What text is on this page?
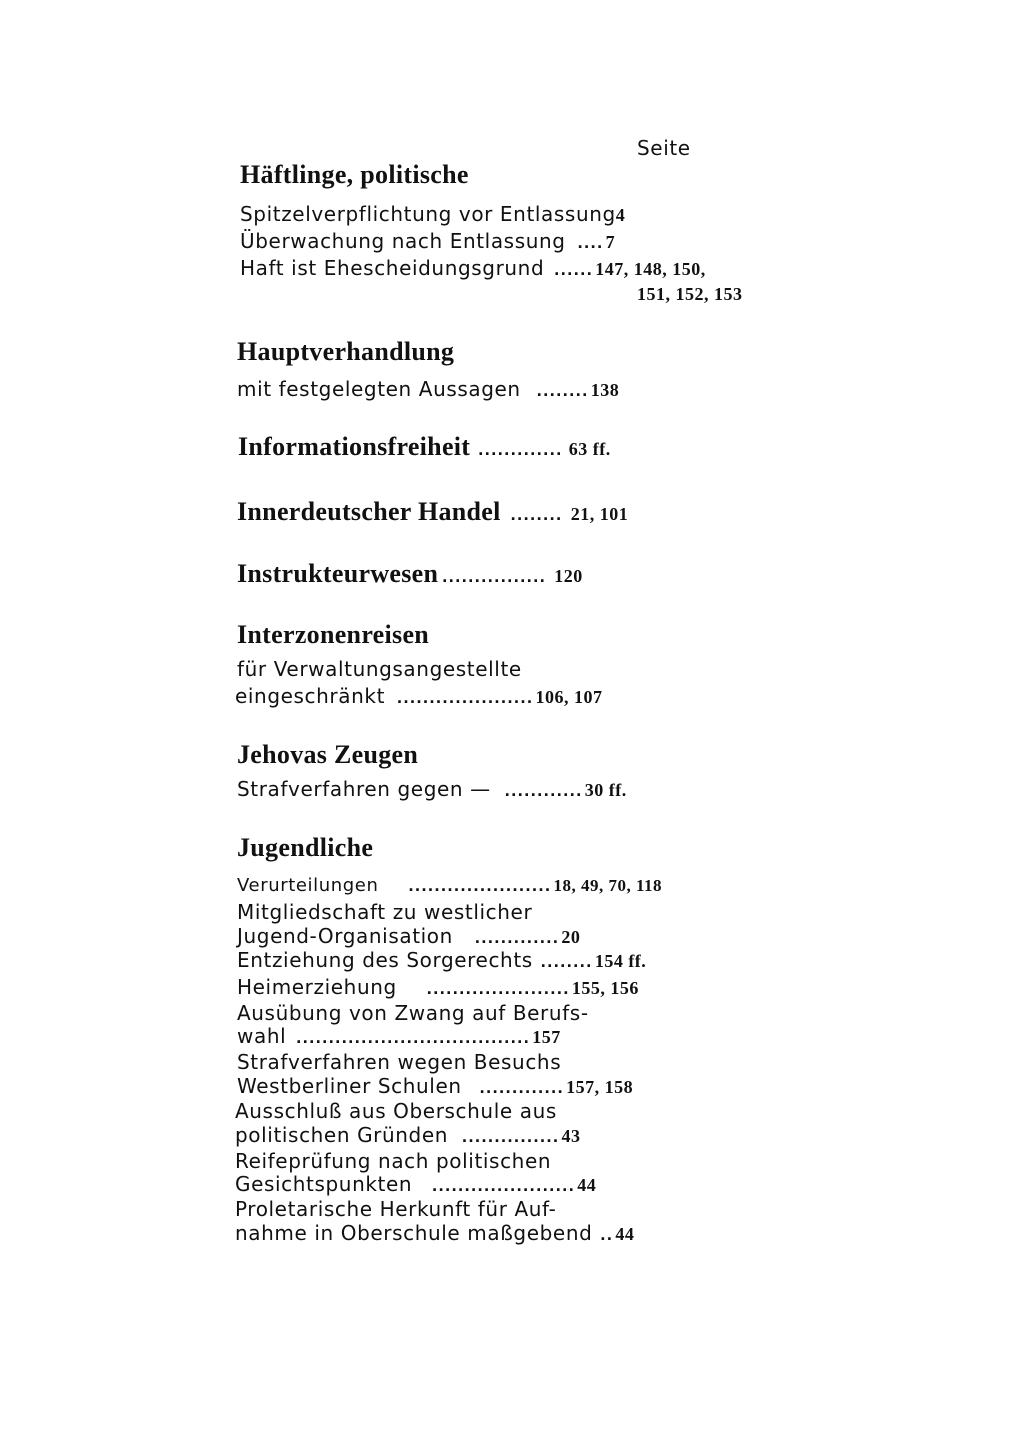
Seite
Häftlinge, politische
Spitzelverpflichtung vor Entlassung 4
Überwachung nach Entlassung .... 7
Haft ist Ehescheidungsgrund ...... 147, 148, 150,
151, 152, 153
Hauptverhandlung
mit festgelegten Aussagen ........ 138
Informationsfreiheit ............. 63 ff.
Innerdeutscher Handel ........ 21, 101
Instrukteurwesen ................ 120
Interzonenreisen
für Verwaltungsangestellte
eingeschränkt ..................... 106, 107
Jehovas Zeugen
Strafverfahren gegen — ............ 30 ff.
Jugendliche
Verurteilungen ...................... 18, 49, 70, 118
Mitgliedschaft zu westlicher
Jugend-Organisation ............. 20
Entziehung des Sorgerechts ........ 154 ff.
Heimerziehung ...................... 155, 156
Ausübung von Zwang auf Berufs-
wahl .................................... 157
Strafverfahren wegen Besuchs
Westberliner Schulen ............. 157, 158
Ausschluß aus Oberschule aus
politischen Gründen ............... 43
Reifeprüfung nach politischen
Gesichtspunkten ...................... 44
Proletarische Herkunft für Auf-
nahme in Oberschule maßgebend .. 44
